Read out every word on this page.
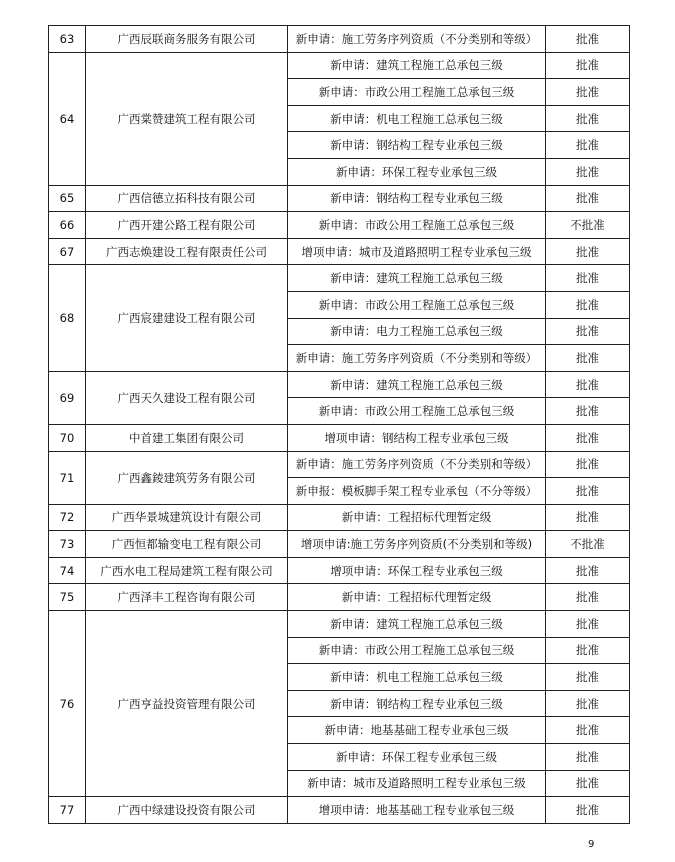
63	广西辰联商务服务有限公司	新申请：施工劳务序列资质（不分类别和等级）	批准
64	广西棠赞建筑工程有限公司	新申请：建筑工程施工总承包三级	批准
		新申请：市政公用工程施工总承包三级	批准
		新申请：机电工程施工总承包三级	批准
		新申请：钢结构工程专业承包三级	批准
		新申请：环保工程专业承包三级	批准
65	广西信德立拓科技有限公司	新申请：钢结构工程专业承包三级	批准
66	广西开建公路工程有限公司	新申请：市政公用工程施工总承包三级	不批准
67	广西志焕建设工程有限责任公司	增项申请：城市及道路照明工程专业承包三级	批准
68	广西宸建建设工程有限公司	新申请：建筑工程施工总承包三级	批准
		新申请：市政公用工程施工总承包三级	批准
		新申请：电力工程施工总承包三级	批准
		新申请：施工劳务序列资质（不分类别和等级）	批准
69	广西天久建设工程有限公司	新申请：建筑工程施工总承包三级	批准
		新申请：市政公用工程施工总承包三级	批准
70	中首建工集团有限公司	增项申请：钢结构工程专业承包三级	批准
71	广西鑫錂建筑劳务有限公司	新申请：施工劳务序列资质（不分类别和等级）	批准
		新申报：模板脚手架工程专业承包（不分等级）	批准
72	广西华景城建筑设计有限公司	新申请：工程招标代理暂定级	批准
73	广西恒都输变电工程有限公司	增项申请:施工劳务序列资质(不分类别和等级)	不批准
74	广西水电工程局建筑工程有限公司	增项申请：环保工程专业承包三级	批准
75	广西泽丰工程咨询有限公司	新申请：工程招标代理暂定级	批准
76	广西亨益投资管理有限公司	新申请：建筑工程施工总承包三级	批准
		新申请：市政公用工程施工总承包三级	批准
		新申请：机电工程施工总承包三级	批准
		新申请：钢结构工程专业承包三级	批准
		新申请：地基基础工程专业承包三级	批准
		新申请：环保工程专业承包三级	批准
		新申请：城市及道路照明工程专业承包三级	批准
77	广西中绿建设投资有限公司	增项申请：地基基础工程专业承包三级	批准
9
